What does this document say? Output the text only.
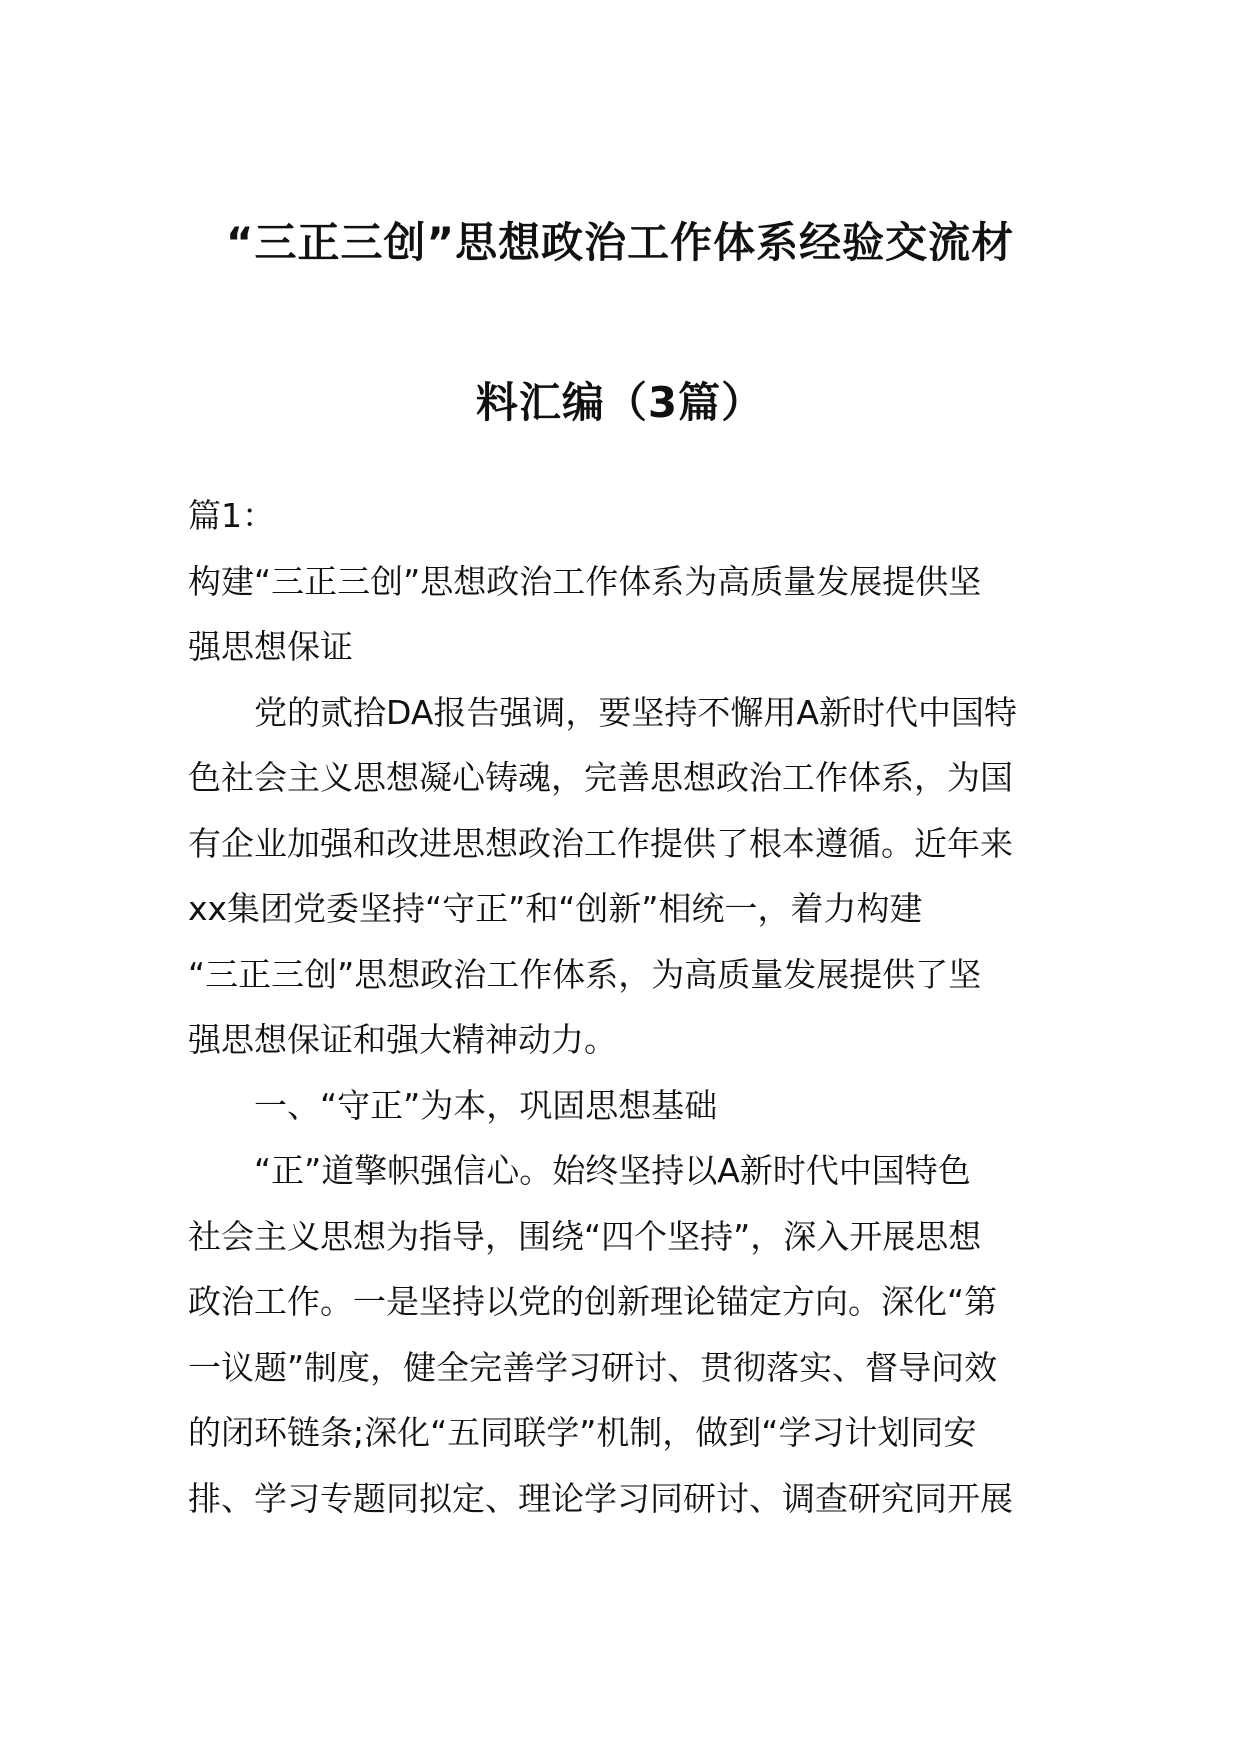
“三正三创”思想政治工作体系经验交流材
料汇编（3篇）
篇1：
构建“三正三创”思想政治工作体系为高质量发展提供坚
强思想保证
党的贰拾DA报告强调，要坚持不懈用A新时代中国特
色社会主义思想凝心铸魂，完善思想政治工作体系，为国
有企业加强和改进思想政治工作提供了根本遵循。近年来
xx集团党委坚持“守正”和“创新”相统一，着力构建
“三正三创”思想政治工作体系，为高质量发展提供了坚
强思想保证和强大精神动力。
一、“守正”为本，巩固思想基础
“正”道擎帜强信心。始终坚持以A新时代中国特色
社会主义思想为指导，围绕“四个坚持”，深入开展思想
政治工作。一是坚持以党的创新理论锚定方向。深化“第
一议题”制度，健全完善学习研讨、贯彻落实、督导问效
的闭环链条;深化“五同联学”机制，做到“学习计划同安
排、学习专题同拟定、理论学习同研讨、调查研究同开展
